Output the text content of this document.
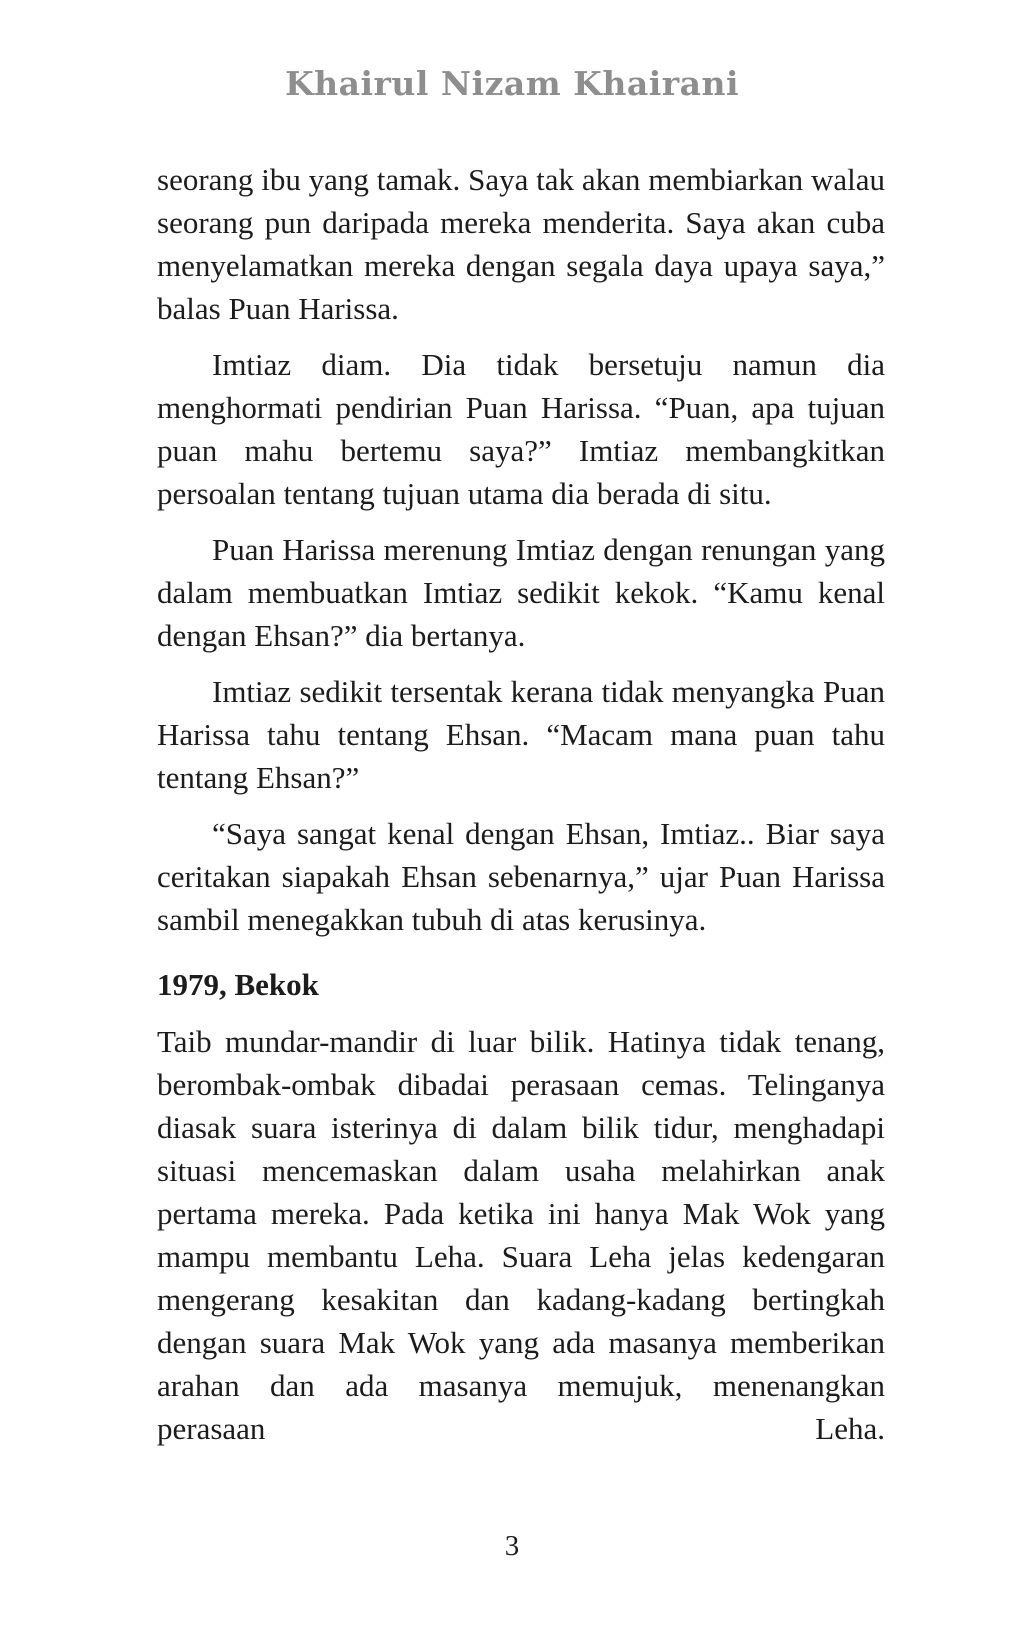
Khairul Nizam Khairani

seorang ibu yang tamak. Saya tak akan membiarkan walau seorang pun daripada mereka menderita. Saya akan cuba menyelamatkan mereka dengan segala daya upaya saya,” balas Puan Harissa.

Imtiaz diam. Dia tidak bersetuju namun dia menghormati pendirian Puan Harissa. “Puan, apa tujuan puan mahu bertemu saya?” Imtiaz membangkitkan persoalan tentang tujuan utama dia berada di situ.

Puan Harissa merenung Imtiaz dengan renungan yang dalam membuatkan Imtiaz sedikit kekok. “Kamu kenal dengan Ehsan?” dia bertanya.

Imtiaz sedikit tersentak kerana tidak menyangka Puan Harissa tahu tentang Ehsan. “Macam mana puan tahu tentang Ehsan?”

“Saya sangat kenal dengan Ehsan, Imtiaz.. Biar saya ceritakan siapakah Ehsan sebenarnya,” ujar Puan Harissa sambil menegakkan tubuh di atas kerusinya.

1979, Bekok

Taib mundar-mandir di luar bilik. Hatinya tidak tenang, berombak-ombak dibadai perasaan cemas. Telinganya diasak suara isterinya di dalam bilik tidur, menghadapi situasi mencemaskan dalam usaha melahirkan anak pertama mereka. Pada ketika ini hanya Mak Wok yang mampu membantu Leha. Suara Leha jelas kedengaran mengerang kesakitan dan kadang-kadang bertingkah dengan suara Mak Wok yang ada masanya memberikan arahan dan ada masanya memujuk, menenangkan perasaan Leha.

3
